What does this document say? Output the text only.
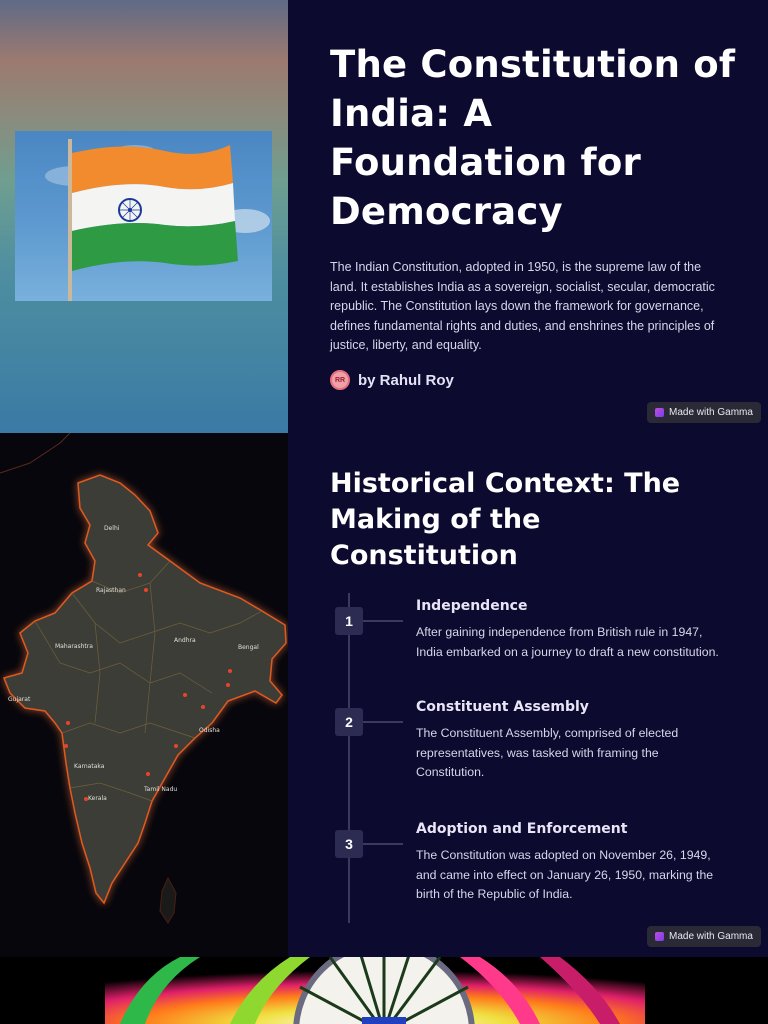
The Constitution of India: A Foundation for Democracy

The Indian Constitution, adopted in 1950, is the supreme law of the land. It establishes India as a sovereign, socialist, secular, democratic republic. The Constitution lays down the framework for governance, defines fundamental rights and duties, and enshrines the principles of justice, liberty, and equality.

RR by Rahul Roy
Made with Gamma
Delhi
Rajasthan
Gujarat
Maharashtra
Karnataka
Kerala
Tamil Nadu
Andhra
Odisha
Bengal
Historical Context: The Making of the Constitution
1
Independence
After gaining independence from British rule in 1947, India embarked on a journey to draft a new constitution.
2
Constituent Assembly
The Constituent Assembly, comprised of elected representatives, was tasked with framing the Constitution.
3
Adoption and Enforcement
The Constitution was adopted on November 26, 1949, and came into effect on January 26, 1950, marking the birth of the Republic of India.
Made with Gamma
